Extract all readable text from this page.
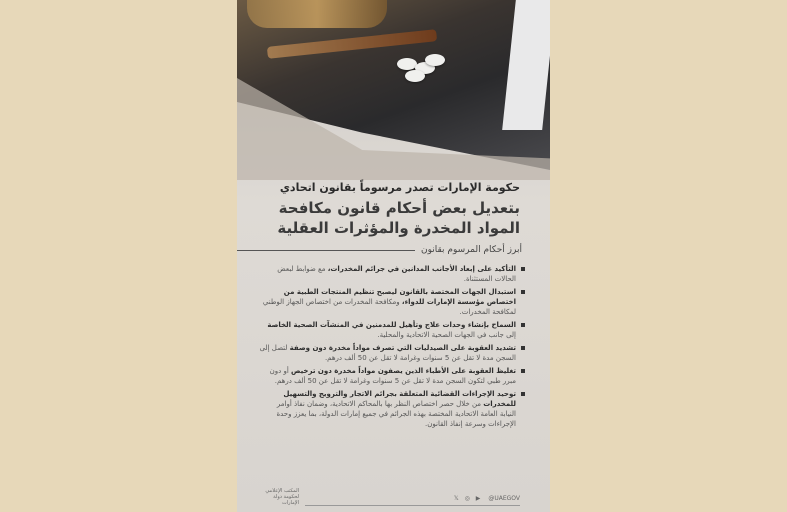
حكومة الإمارات تصدر مرسوماً بقانون اتحادي
بتعديل بعض أحكام قانون مكافحة
المواد المخدرة والمؤثرات العقلية
أبرز أحكام المرسوم بقانون
التأكيد على إبعاد الأجانب المدانين في جرائم المخدرات، مع ضوابط لبعض الحالات المستثناة.
استبدال الجهات المختصة بالقانون ليصبح تنظيم المنتجات الطبية من اختصاص مؤسسة الإمارات للدواء، ومكافحة المخدرات من اختصاص الجهاز الوطني لمكافحة المخدرات.
السماح بإنشاء وحدات علاج وتأهيل للمدمنين في المنشآت الصحية الخاصة إلى جانب في الجهات الصحية الاتحادية والمحلية.
تشديد العقوبة على الصيدليات التي تصرف مواداً مخدرة دون وصفة لتصل إلى السجن مدة لا تقل عن 5 سنوات وغرامة لا تقل عن 50 ألف درهم.
تغليظ العقوبة على الأطباء الذين يصفون مواداً مخدرة دون ترخيص أو دون مبرر طبي لتكون السجن مدة لا تقل عن 5 سنوات وغرامة لا تقل عن 50 ألف درهم.
توحيد الإجراءات القضائية المتعلقة بجرائم الاتجار والترويج والتسهيل للمخدرات من خلال حصر اختصاص النظر بها بالمحاكم الاتحادية، وضمان نفاذ أوامر النيابة العامة الاتحادية المختصة بهذه الجرائم في جميع إمارات الدولة، بما يعزز وحدة الإجراءات وسرعة إنفاذ القانون.
المكتب الإعلامي لحكومة دولة الإمارات
𝕏 ◎ ▶ @UAEGOV
